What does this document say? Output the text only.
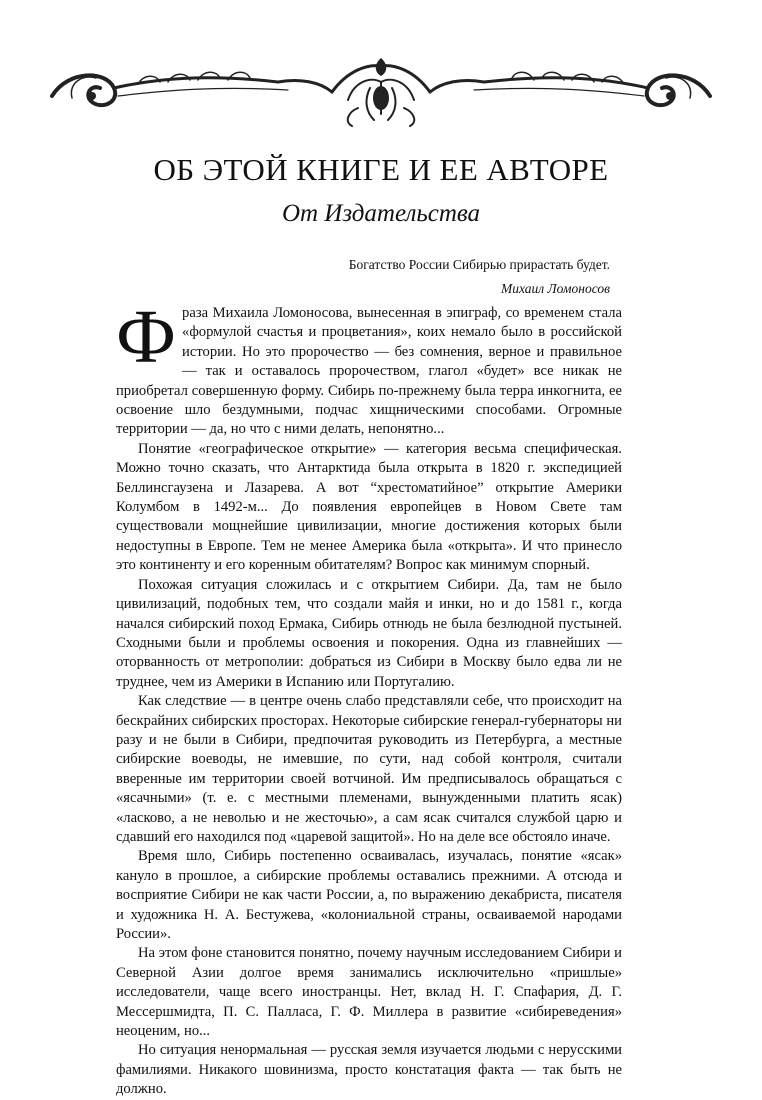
ОБ ЭТОЙ КНИГЕ И ЕЕ АВТОРЕ
От Издательства
Богатство России Сибирью прирастать будет.
Михаил Ломоносов

Фраза Михаила Ломоносова, вынесенная в эпиграф, со временем стала «формулой счастья и процветания», коих немало было в российской истории. Но это пророчество — без сомнения, верное и правильное — так и оставалось пророчеством, глагол «будет» все никак не приобретал совершенную форму. Сибирь по-прежнему была терра инкогнита, ее освоение шло бездумными, подчас хищническими способами. Огромные территории — да, но что с ними делать, непонятно...

Понятие «географическое открытие» — категория весьма специфическая. Можно точно сказать, что Антарктида была открыта в 1820 г. экспедицией Беллинсгаузена и Лазарева. А вот “хрестоматийное” открытие Америки Колумбом в 1492-м... До появления европейцев в Новом Свете там существовали мощнейшие цивилизации, многие достижения которых были недоступны в Европе. Тем не менее Америка была «открыта». И что принесло это континенту и его коренным обитателям? Вопрос как минимум спорный.

Похожая ситуация сложилась и с открытием Сибири. Да, там не было цивилизаций, подобных тем, что создали майя и инки, но и до 1581 г., когда начался сибирский поход Ермака, Сибирь отнюдь не была безлюдной пустыней. Сходными были и проблемы освоения и покорения. Одна из главнейших — оторванность от метрополии: добраться из Сибири в Москву было едва ли не труднее, чем из Америки в Испанию или Португалию.

Как следствие — в центре очень слабо представляли себе, что происходит на бескрайних сибирских просторах. Некоторые сибирские генерал-губернаторы ни разу и не были в Сибири, предпочитая руководить из Петербурга, а местные сибирские воеводы, не имевшие, по сути, над собой контроля, считали вверенные им территории своей вотчиной. Им предписывалось обращаться с «ясачными» (т. е. с местными племенами, вынужденными платить ясак) «ласково, а не неволью и не жесточью», а сам ясак считался службой царю и сдавший его находился под «царевой защитой». Но на деле все обстояло иначе.

Время шло, Сибирь постепенно осваивалась, изучалась, понятие «ясак» кануло в прошлое, а сибирские проблемы оставались прежними. А отсюда и восприятие Сибири не как части России, а, по выражению декабриста, писателя и художника Н. А. Бестужева, «колониальной страны, осваиваемой народами России».

На этом фоне становится понятно, почему научным исследованием Сибири и Северной Азии долгое время занимались исключительно «пришлые» исследователи, чаще всего иностранцы. Нет, вклад Н. Г. Спафария, Д. Г. Мессершмидта, П. С. Палласа, Г. Ф. Миллера в развитие «сибиреведения» неоценим, но...

Но ситуация ненормальная — русская земля изучается людьми с нерусскими фамилиями. Никакого шовинизма, просто констатация факта — так быть не должно.
